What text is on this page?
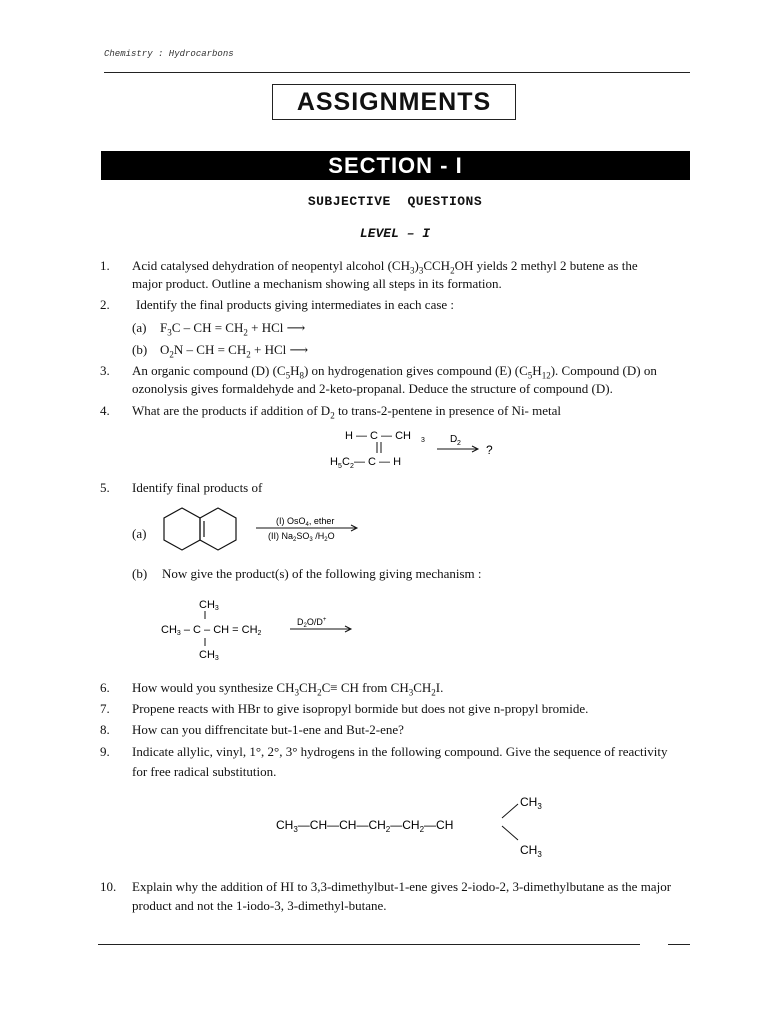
Chemistry : Hydrocarbons
ASSIGNMENTS
SECTION - I
SUBJECTIVE  QUESTIONS
LEVEL – I
1. Acid catalysed dehydration of neopentyl alcohol $(CH_3)_3CCH_2OH$ yields 2 methyl 2 butene as the
major product. Outline a mechanism showing all steps in its formation.
2. Identify the final products giving intermediates in each case :
(a) $F_3C$ – CH = $CH_2$ + HCl ⟶
(b) $O_2N$ – CH = $CH_2$ + HCl ⟶
3. An organic compound (D) $(C_5H_8)$ on hydrogenation gives compound (E) $(C_5H_{12})$. Compound (D) on
ozonolysis gives formaldehyde and 2-keto-propanal. Deduce the structure of compound (D).
4. What are the products if addition of $D_2$ to trans-2-pentene in presence of Ni- metal
H — C — CH 3
H 5 C 2 — C — H
D 2 ?
5. Identify final products of
(a)
(I) OsO$_4$, ether
(II) $Na_2SO_3$ $/H_2O$
(b) Now give the product(s) of the following giving mechanism :
CH3
CH3 – C – CH = CH2
CH3
$D_2O/D^+$
6. How would you synthesize $CH_3CH_2C\equiv$ CH from $CH_3CH_2I$.
7. Propene reacts with HBr to give isopropyl bormide but does not give n-propyl bromide.
8. How can you diffrencitate but-1-ene and But-2-ene?
9. Indicate allylic, vinyl, 1°, 2°, 3° hydrogens in the following compound. Give the sequence of reactivity
for free radical substitution.
$CH_3$
$CH_3—CH—CH—CH_2—CH_2—CH$
$CH_3$
10. Explain why the addition of HI to 3,3-dimethylbut-1-ene gives 2-iodo-2, 3-dimethylbutane as the major
product and not the 1-iodo-3, 3-dimethyl-butane.
